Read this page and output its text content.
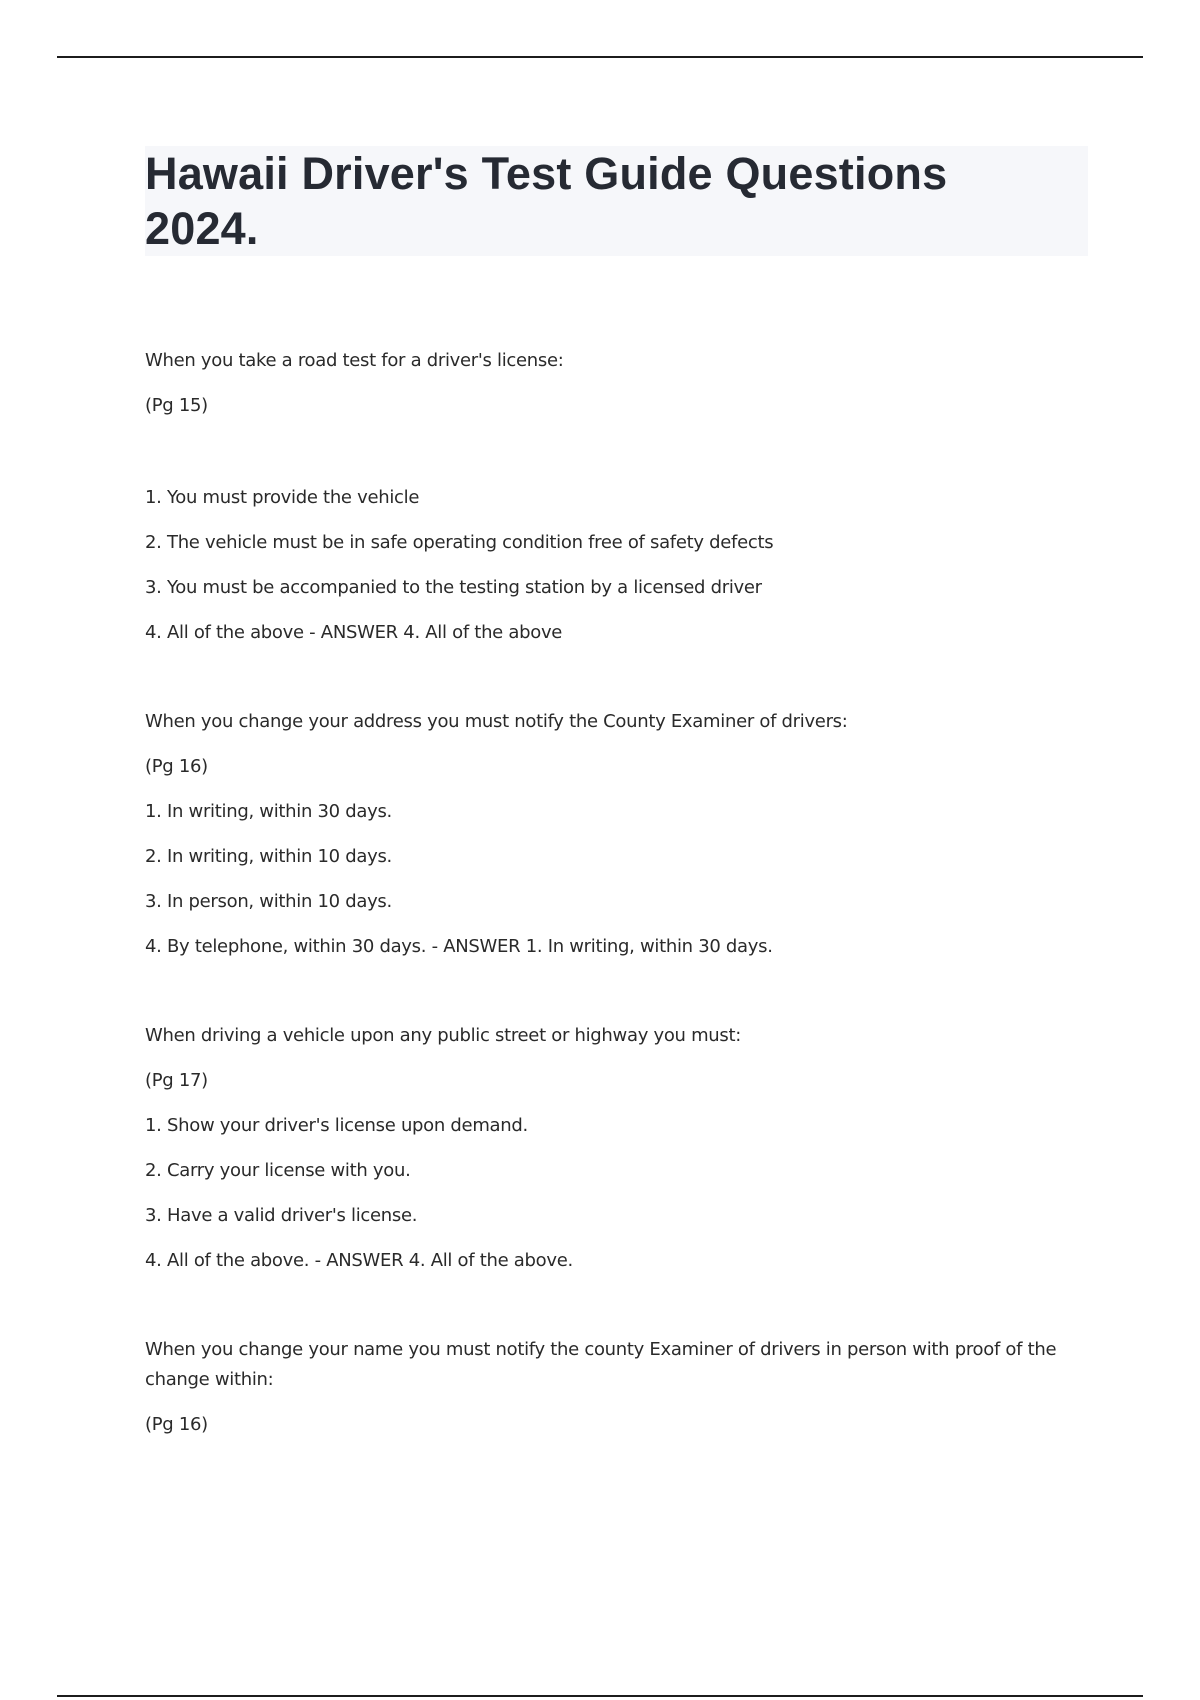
Hawaii Driver's Test Guide Questions 2024.
When you take a road test for a driver's license:
(Pg 15)
1. You must provide the vehicle
2. The vehicle must be in safe operating condition free of safety defects
3. You must be accompanied to the testing station by a licensed driver
4. All of the above - ANSWER 4. All of the above
When you change your address you must notify the County Examiner of drivers:
(Pg 16)
1. In writing, within 30 days.
2. In writing, within 10 days.
3. In person, within 10 days.
4. By telephone, within 30 days. - ANSWER 1. In writing, within 30 days.
When driving a vehicle upon any public street or highway you must:
(Pg 17)
1. Show your driver's license upon demand.
2. Carry your license with you.
3. Have a valid driver's license.
4. All of the above. - ANSWER 4. All of the above.
When you change your name you must notify the county Examiner of drivers in person with proof of the change within:
(Pg 16)
